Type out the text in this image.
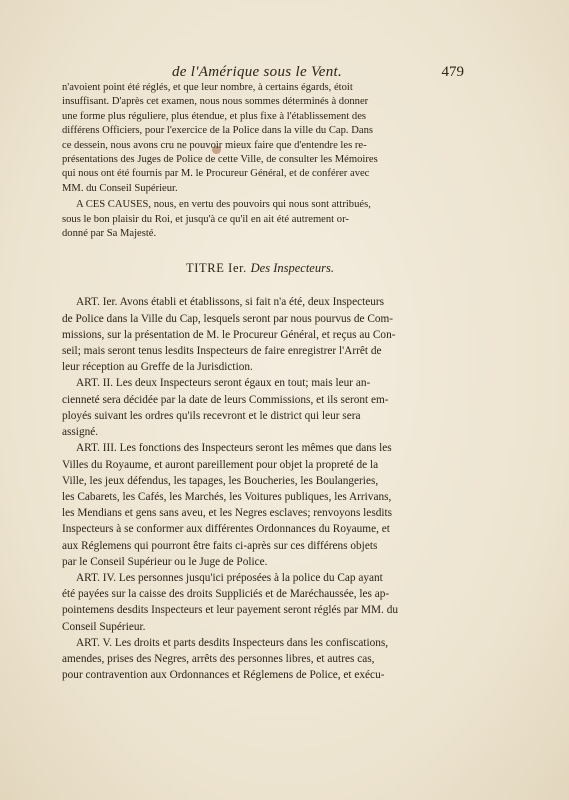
de l'Amérique sous le Vent.	479

n'avoient point été réglés, et que leur nombre, à certains égards, étoit
insuffisant. D'après cet examen, nous nous sommes déterminés à donner
une forme plus réguliere, plus étendue, et plus fixe à l'établissement des
différens Officiers, pour l'exercice de la Police dans la ville du Cap. Dans
ce dessein, nous avons cru ne pouvoir mieux faire que d'entendre les re-
présentations des Juges de Police de cette Ville, de consulter les Mémoires
qui nous ont été fournis par M. le Procureur Général, et de conférer avec
MM. du Conseil Supérieur.

A CES CAUSES, nous, en vertu des pouvoirs qui nous sont attribués,
sous le bon plaisir du Roi, et jusqu'à ce qu'il en ait été autrement or-
donné par Sa Majesté.

TITRE Ier. Des Inspecteurs.

ART. Ier. Avons établi et établissons, si fait n'a été, deux Inspecteurs
de Police dans la Ville du Cap, lesquels seront par nous pourvus de Com-
missions, sur la présentation de M. le Procureur Général, et reçus au Con-
seil; mais seront tenus lesdits Inspecteurs de faire enregistrer l'Arrêt de
leur réception au Greffe de la Jurisdiction.

ART. II. Les deux Inspecteurs seront égaux en tout; mais leur an-
cienneté sera décidée par la date de leurs Commissions, et ils seront em-
ployés suivant les ordres qu'ils recevront et le district qui leur sera
assigné.

ART. III. Les fonctions des Inspecteurs seront les mêmes que dans les
Villes du Royaume, et auront pareillement pour objet la propreté de la
Ville, les jeux défendus, les tapages, les Boucheries, les Boulangeries,
les Cabarets, les Cafés, les Marchés, les Voitures publiques, les Arrivans,
les Mendians et gens sans aveu, et les Negres esclaves; renvoyons lesdits
Inspecteurs à se conformer aux différentes Ordonnances du Royaume, et
aux Réglemens qui pourront être faits ci-après sur ces différens objets
par le Conseil Supérieur ou le Juge de Police.

ART. IV. Les personnes jusqu'ici préposées à la police du Cap ayant
été payées sur la caisse des droits Suppliciés et de Maréchaussée, les ap-
pointemens desdits Inspecteurs et leur payement seront réglés par MM. du
Conseil Supérieur.

ART. V. Les droits et parts desdits Inspecteurs dans les confiscations,
amendes, prises des Negres, arrêts des personnes libres, et autres cas,
pour contravention aux Ordonnances et Réglemens de Police, et exécu-
